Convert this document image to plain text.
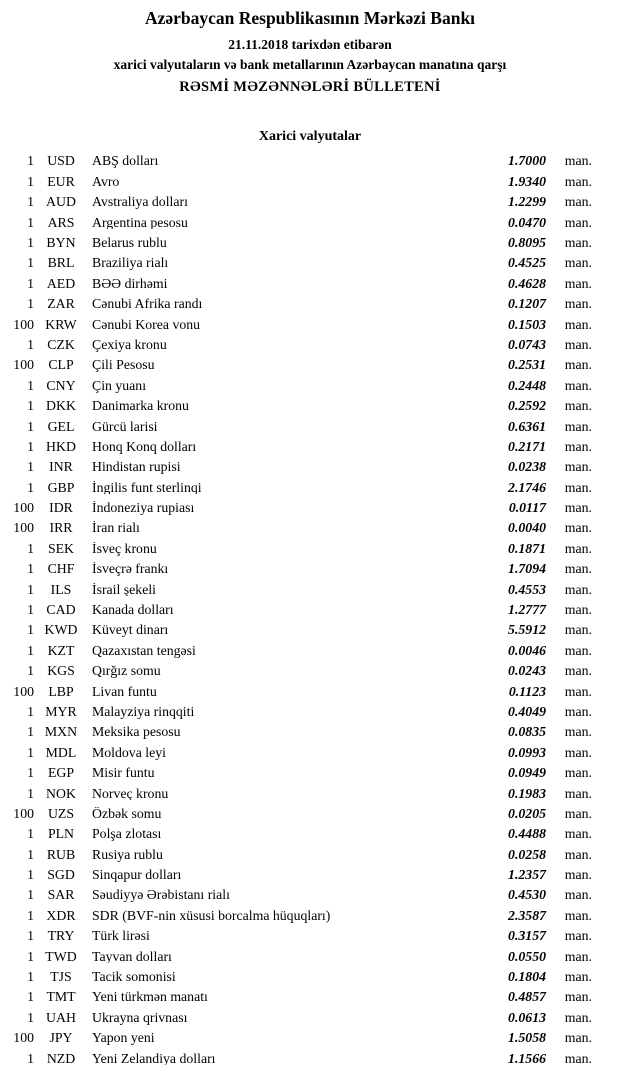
Azərbaycan Respublikasının Mərkəzi Bankı
21.11.2018 tarixdən etibarən
xarici valyutaların və bank metallarının Azərbaycan manatına qarşı
RƏSMİ MƏZƏNNƏLƏRİ BÜLLETENİ
Xarici valyutalar
1 USD	ABŞ dolları	1.7000	man.
1 EUR	Avro	1.9340	man.
1 AUD	Avstraliya dolları	1.2299	man.
1 ARS	Argentina pesosu	0.0470	man.
1 BYN	Belarus rublu	0.8095	man.
1 BRL	Braziliya rialı	0.4525	man.
1 AED	BƏƏ dirhəmi	0.4628	man.
1 ZAR	Cənubi Afrika randı	0.1207	man.
100 KRW	Cənubi Korea vonu	0.1503	man.
1 CZK	Çexiya kronu	0.0743	man.
100	CLP	Çili Pesosu	0.2531	man.
1 CNY	Çin yuanı	0.2448	man.
1 DKK	Danimarka kronu	0.2592	man.
1 GEL	Gürcü larisi	0.6361	man.
1 HKD	Honq Konq dolları	0.2171	man.
1	INR	Hindistan rupisi	0.0238	man.
1 GBP	İngilis funt sterlinqi	2.1746	man.
100	IDR	İndoneziya rupiası	0.0117	man.
100	IRR	İran rialı	0.0040	man.
1	SEK	İsveç kronu	0.1871	man.
1 CHF	İsveçrə frankı	1.7094	man.
1	ILS	İsrail şekeli	0.4553	man.
1 CAD	Kanada dolları	1.2777	man.
1 KWD	Küveyt dinarı	5.5912	man.
1 KZT	Qazaxıstan tengəsi	0.0046	man.
1 KGS	Qırğız somu	0.0243	man.
100	LBP	Livan funtu	0.1123	man.
1 MYR	Malayziya rinqqiti	0.4049	man.
1 MXN	Meksika pesosu	0.0835	man.
1 MDL	Moldova leyi	0.0993	man.
1	EGP	Misir funtu	0.0949	man.
1 NOK	Norveç kronu	0.1983	man.
100	UZS	Özbək somu	0.0205	man.
1	PLN	Polşa zlotası	0.4488	man.
1 RUB	Rusiya rublu	0.0258	man.
1 SGD	Sinqapur dolları	1.2357	man.
1 SAR	Səudiyyə Ərəbistanı rialı	0.4530	man.
1 XDR	SDR (BVF-nin xüsusi borcalma hüquqları)	2.3587	man.
1 TRY	Türk lirəsi	0.3157	man.
1 TWD	Tayvan dolları	0.0550	man.
1	TJS	Tacik somonisi	0.1804	man.
1 TMT	Yeni türkmən manatı	0.4857	man.
1 UAH	Ukrayna qrivnası	0.0613	man.
100	JPY	Yapon yeni	1.5058	man.
1 NZD	Yeni Zelandiya dolları	1.1566	man.
